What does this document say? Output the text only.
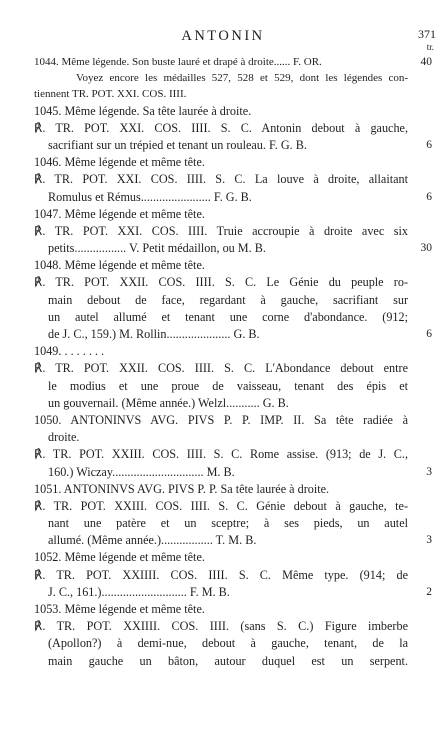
ANTONIN	371
tr.
1044. Même légende. Son buste lauré et drapé à droite...... F. OR.	40
Voyez encore les médailles 527, 528 et 529, dont les légendes con-
tiennent TR. POT. XXI. COS. IIII.
1045. Même légende. Sa tête laurée à droite.
℟. TR. POT. XXI. COS. IIII. S. C. Antonin debout à gauche,
sacrifiant sur un trépied et tenant un rouleau. F. G. B.	6
1046. Même légende et même tête.
℟. TR. POT. XXI. COS. IIII. S. C. La louve à droite, allaitant
Romulus et Rémus....................... F. G. B.	6
1047. Même légende et même tête.
℟. TR. POT. XXI. COS. IIII. Truie accroupie à droite avec six
petits................. V. Petit médaillon, ou M. B.	30
1048. Même légende et même tête.
℟. TR. POT. XXII. COS. IIII. S. C. Le Génie du peuple ro-
main debout de face, regardant à gauche, sacrifiant sur
un autel allumé et tenant une corne d'abondance. (912;
de J. C., 159.) M. Rollin..................... G. B.	6
1049. . . . . . . .
℟. TR. POT. XXII. COS. IIII. S. C. L'Abondance debout entre
le modius et une proue de vaisseau, tenant des épis et
un gouvernail. (Même année.) Welzl........... G. B.
1050. ANTONINVS AVG. PIVS P. P. IMP. II. Sa tête radiée à
droite.
℟. TR. POT. XXIII. COS. IIII. S. C. Rome assise. (913; de J. C.,
160.) Wiczay.............................. M. B.	3
1051. ANTONINVS AVG. PIVS P. P. Sa tête laurée à droite.
℟. TR. POT. XXIII. COS. IIII. S. C. Génie debout à gauche, te-
nant une patère et un sceptre; à ses pieds, un autel
allumé. (Même année.)................. T. M. B.	3
1052. Même légende et même tête.
℟. TR. POT. XXIIII. COS. IIII. S. C. Même type. (914; de
J. C., 161.)............................ F. M. B.	2
1053. Même légende et même tête.
℟. TR. POT. XXIIII. COS. IIII. (sans S. C.) Figure imberbe
(Apollon?) à demi-nue, debout à gauche, tenant, de la
main gauche un bâton, autour duquel est un serpent.
